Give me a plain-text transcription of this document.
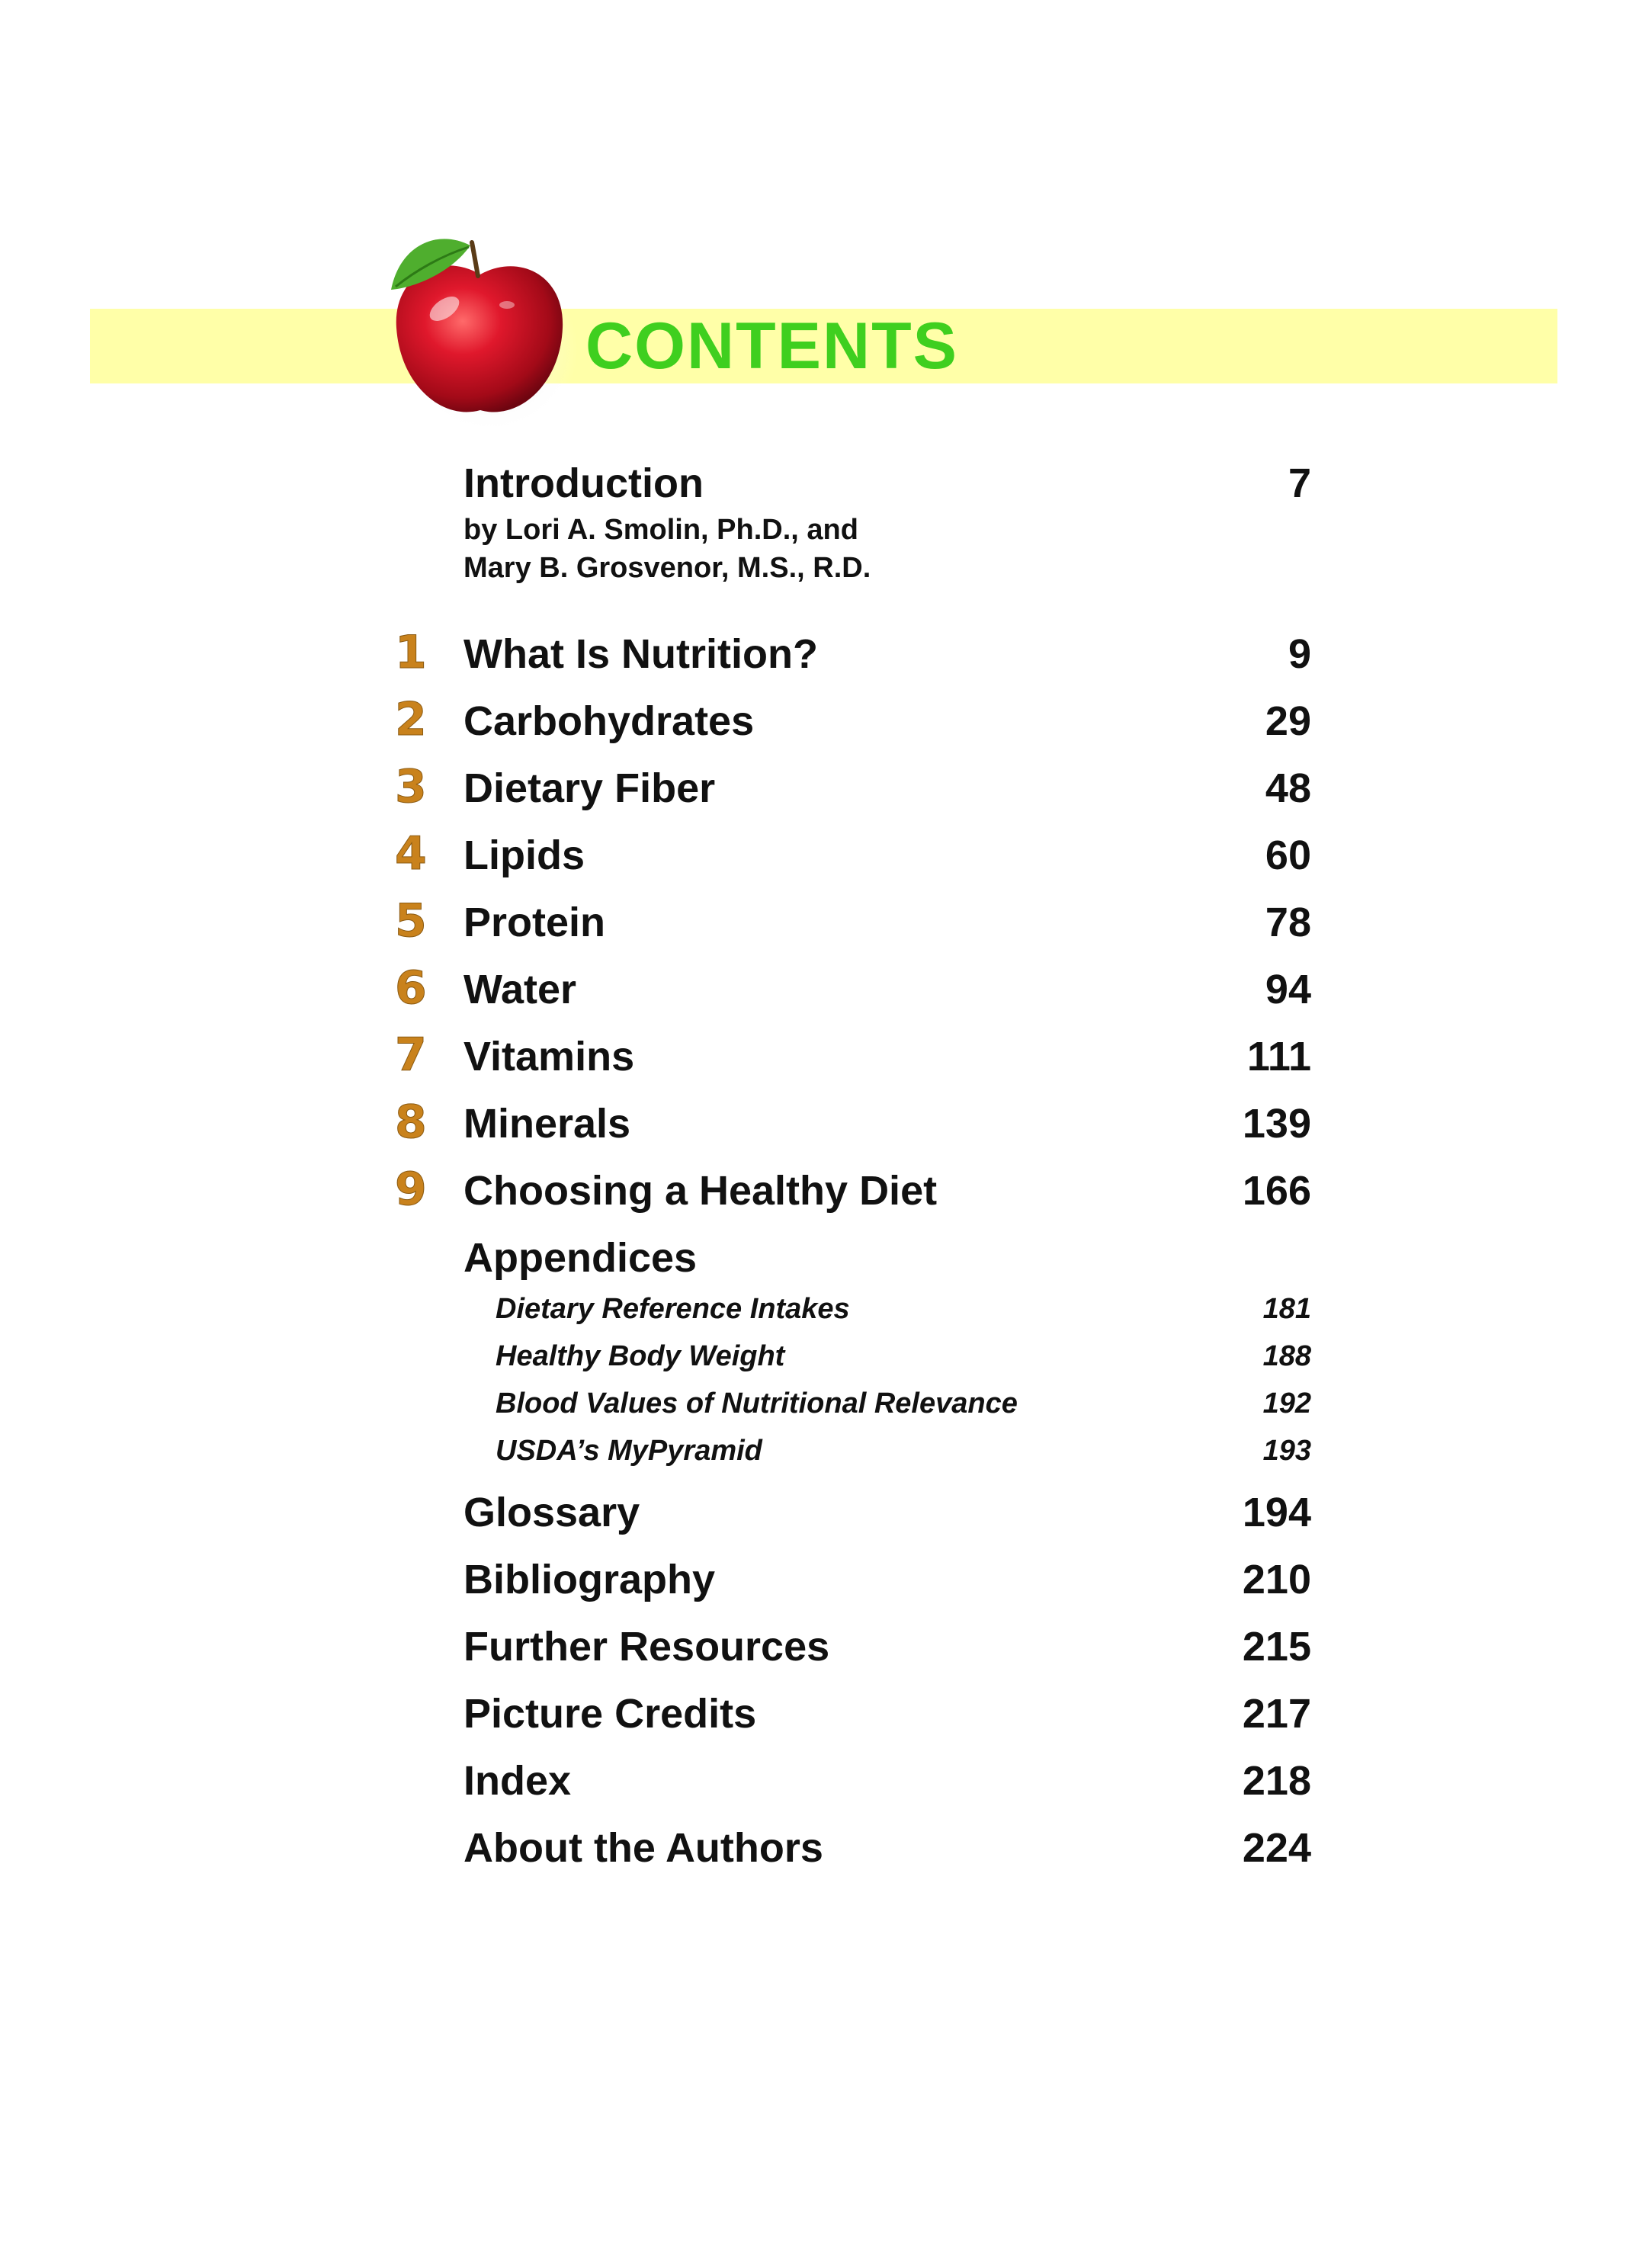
CONTENTS
Introduction	7
by Lori A. Smolin, Ph.D., and
Mary B. Grosvenor, M.S., R.D.
1 What Is Nutrition?	9
2 Carbohydrates	29
3 Dietary Fiber	48
4 Lipids	60
5 Protein	78
6 Water	94
7 Vitamins	111
8 Minerals	139
9 Choosing a Healthy Diet	166
Appendices
Dietary Reference Intakes	181
Healthy Body Weight	188
Blood Values of Nutritional Relevance	192
USDA’s MyPyramid	193
Glossary	194
Bibliography	210
Further Resources	215
Picture Credits	217
Index	218
About the Authors	224
